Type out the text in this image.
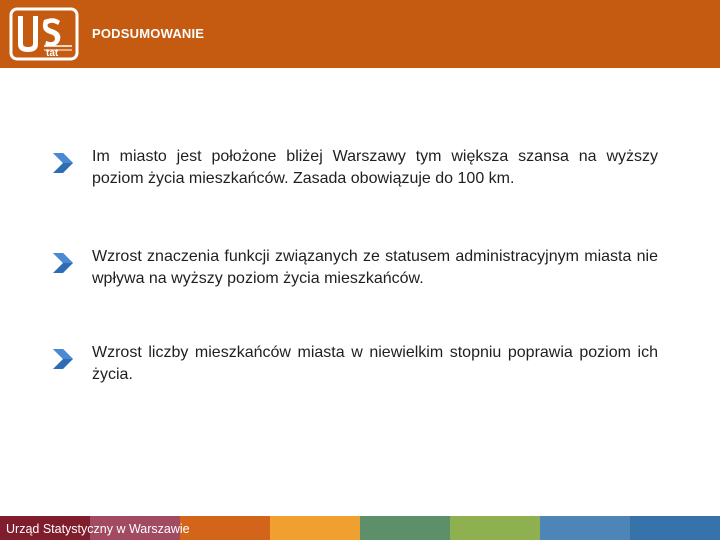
tat
PODSUMOWANIE
Im miasto jest położone bliżej Warszawy tym większa szansa na wyższy poziom życia mieszkańców. Zasada obowiązuje do 100 km.
Wzrost znaczenia funkcji związanych ze statusem administracyjnym miasta nie wpływa na wyższy poziom życia mieszkańców.
Wzrost liczby mieszkańców miasta w niewielkim stopniu poprawia poziom ich życia.
Urząd Statystyczny w Warszawie
